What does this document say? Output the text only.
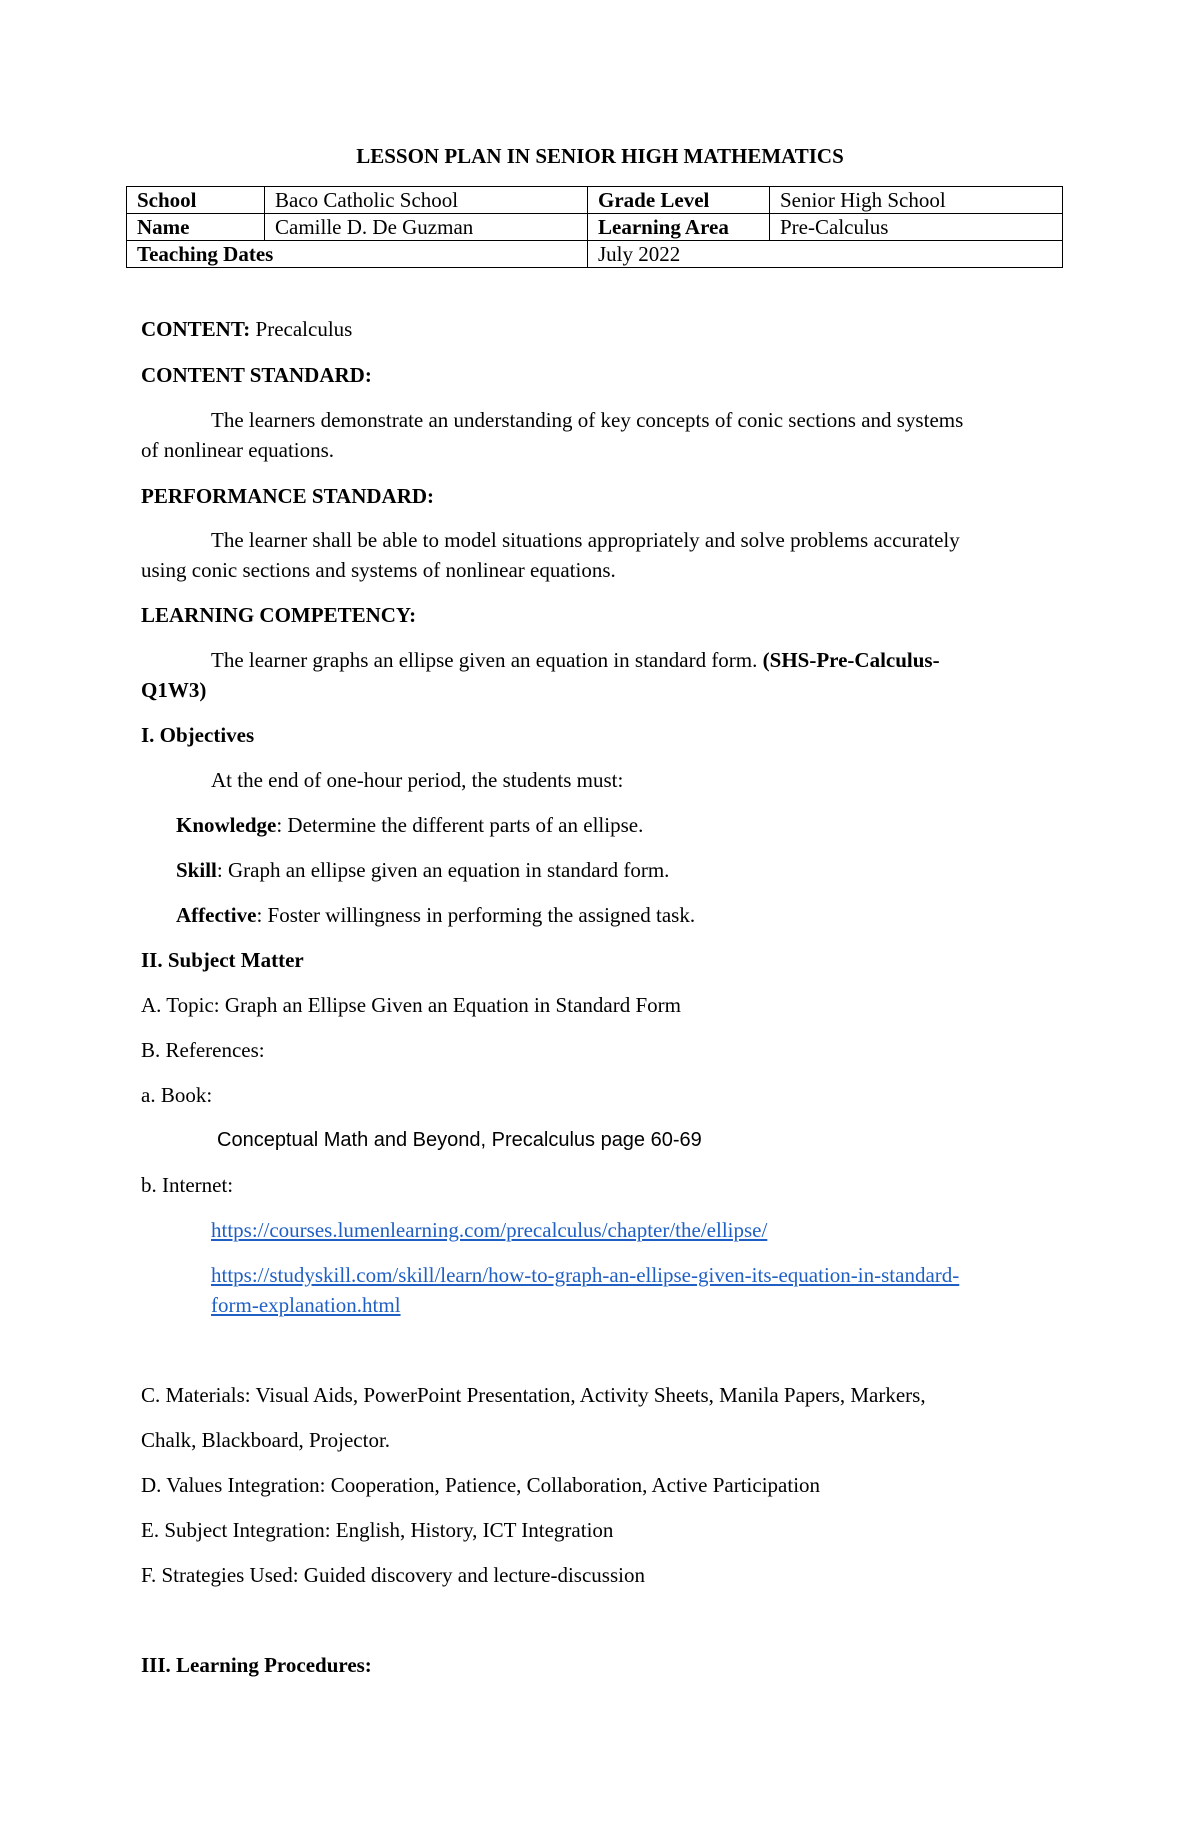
LESSON PLAN IN SENIOR HIGH MATHEMATICS
School	Baco Catholic School	Grade Level	Senior High School
Name	Camille D. De Guzman	Learning Area	Pre-Calculus
Teaching Dates		July 2022	
CONTENT: Precalculus
CONTENT STANDARD:
The learners demonstrate an understanding of key concepts of conic sections and systems
of nonlinear equations.
PERFORMANCE STANDARD:
The learner shall be able to model situations appropriately and solve problems accurately
using conic sections and systems of nonlinear equations.
LEARNING COMPETENCY:
The learner graphs an ellipse given an equation in standard form. (SHS-Pre-Calculus-
Q1W3)
I. Objectives
At the end of one-hour period, the students must:
Knowledge: Determine the different parts of an ellipse.
Skill: Graph an ellipse given an equation in standard form.
Affective: Foster willingness in performing the assigned task.
II. Subject Matter
A. Topic: Graph an Ellipse Given an Equation in Standard Form
B. References:
a. Book:
Conceptual Math and Beyond, Precalculus page 60-69
b. Internet:
https://courses.lumenlearning.com/precalculus/chapter/the/ellipse/
https://studyskill.com/skill/learn/how-to-graph-an-ellipse-given-its-equation-in-standard-
form-explanation.html
C. Materials: Visual Aids, PowerPoint Presentation, Activity Sheets, Manila Papers, Markers,
Chalk, Blackboard, Projector.
D. Values Integration: Cooperation, Patience, Collaboration, Active Participation
E. Subject Integration: English, History, ICT Integration
F. Strategies Used: Guided discovery and lecture-discussion
III. Learning Procedures:
